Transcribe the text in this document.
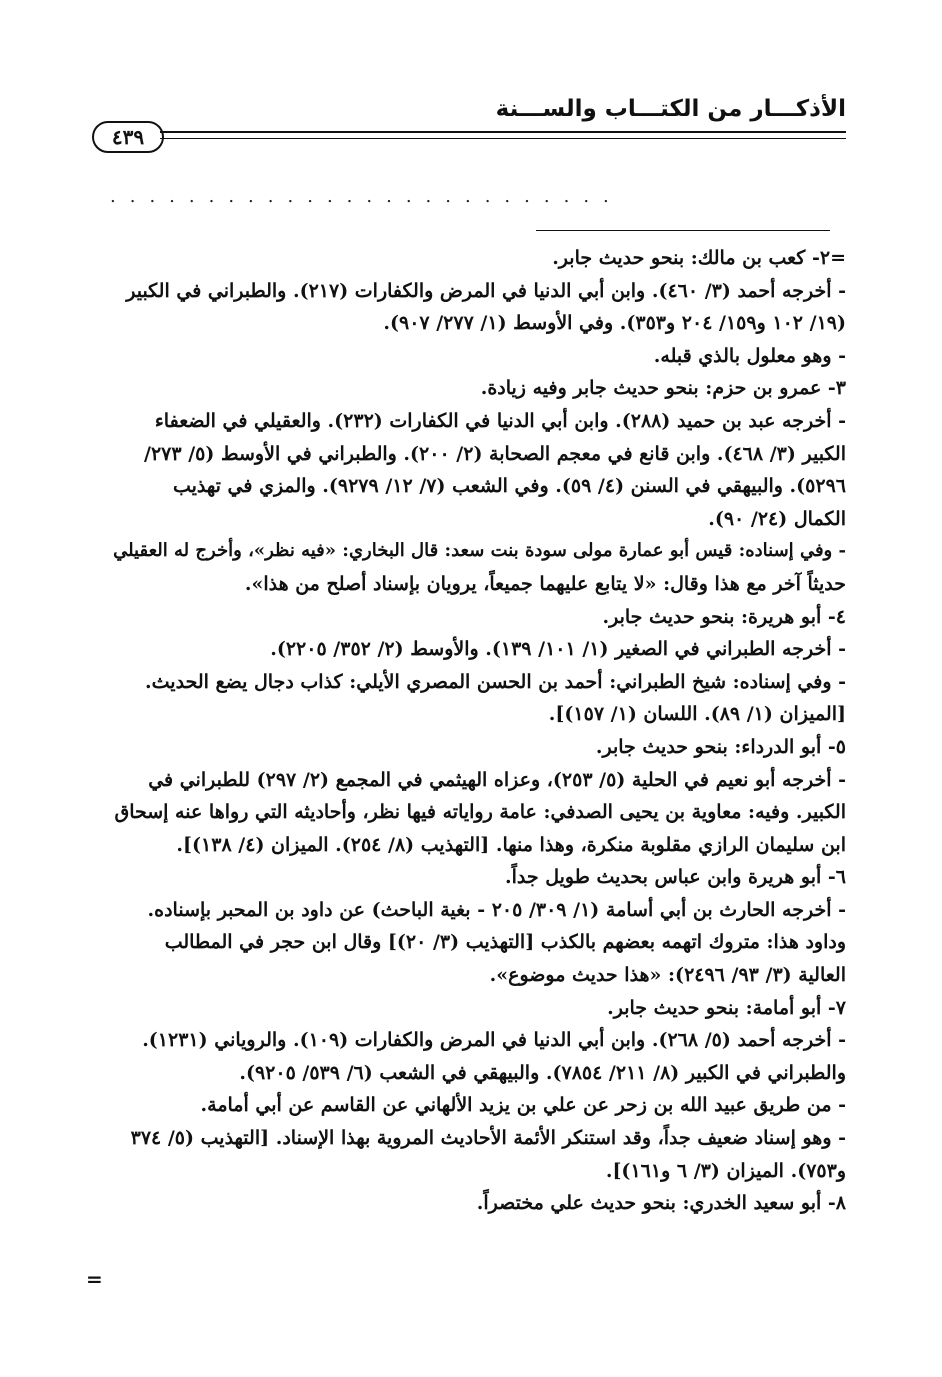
الأذكـــار من الكتـــاب والســـنة
٤٣٩
..........................
=٢- كعب بن مالك: بنحو حديث جابر.
- أخرجه أحمد (٣/ ٤٦٠). وابن أبي الدنيا في المرض والكفارات (٢١٧). والطبراني في الكبير
(١٩/ ١٠٢ و١٥٩/ ٢٠٤ و٣٥٣). وفي الأوسط (١/ ٢٧٧/ ٩٠٧).
- وهو معلول بالذي قبله.
٣- عمرو بن حزم: بنحو حديث جابر وفيه زيادة.
- أخرجه عبد بن حميد (٢٨٨). وابن أبي الدنيا في الكفارات (٢٣٢). والعقيلي في الضعفاء
الكبير (٣/ ٤٦٨). وابن قانع في معجم الصحابة (٢/ ٢٠٠). والطبراني في الأوسط (٥/ ٢٧٣/
٥٢٩٦). والبيهقي في السنن (٤/ ٥٩). وفي الشعب (٧/ ١٢/ ٩٢٧٩). والمزي في تهذيب
الكمال (٢٤/ ٩٠).
- وفي إسناده: قيس أبو عمارة مولى سودة بنت سعد: قال البخاري: «فيه نظر»، وأخرج له العقيلي
حديثاً آخر مع هذا وقال: «لا يتابع عليهما جميعاً، يرويان بإسناد أصلح من هذا».
٤- أبو هريرة: بنحو حديث جابر.
- أخرجه الطبراني في الصغير (١/ ١٠١/ ١٣٩). والأوسط (٢/ ٣٥٢/ ٢٢٠٥).
- وفي إسناده: شيخ الطبراني: أحمد بن الحسن المصري الأيلي: كذاب دجال يضع الحديث.
[الميزان (١/ ٨٩). اللسان (١/ ١٥٧)].
٥- أبو الدرداء: بنحو حديث جابر.
- أخرجه أبو نعيم في الحلية (٥/ ٢٥٣)، وعزاه الهيثمي في المجمع (٢/ ٢٩٧) للطبراني في
الكبير. وفيه: معاوية بن يحيى الصدفي: عامة رواياته فيها نظر، وأحاديثه التي رواها عنه إسحاق
ابن سليمان الرازي مقلوبة منكرة، وهذا منها. [التهذيب (٨/ ٢٥٤). الميزان (٤/ ١٣٨)].
٦- أبو هريرة وابن عباس بحديث طويل جداً.
- أخرجه الحارث بن أبي أسامة (١/ ٣٠٩/ ٢٠٥ - بغية الباحث) عن داود بن المحبر بإسناده.
وداود هذا: متروك اتهمه بعضهم بالكذب [التهذيب (٣/ ٢٠)] وقال ابن حجر في المطالب
العالية (٣/ ٩٣/ ٢٤٩٦): «هذا حديث موضوع».
٧- أبو أمامة: بنحو حديث جابر.
- أخرجه أحمد (٥/ ٢٦٨). وابن أبي الدنيا في المرض والكفارات (١٠٩). والروياني (١٢٣١).
والطبراني في الكبير (٨/ ٢١١/ ٧٨٥٤). والبيهقي في الشعب (٦/ ٥٣٩/ ٩٢٠٥).
- من طريق عبيد الله بن زحر عن علي بن يزيد الألهاني عن القاسم عن أبي أمامة.
- وهو إسناد ضعيف جداً، وقد استنكر الأئمة الأحاديث المروية بهذا الإسناد. [التهذيب (٥/ ٣٧٤
و٧٥٣). الميزان (٣/ ٦ و١٦١)].
٨- أبو سعيد الخدري: بنحو حديث علي مختصراً.
=
